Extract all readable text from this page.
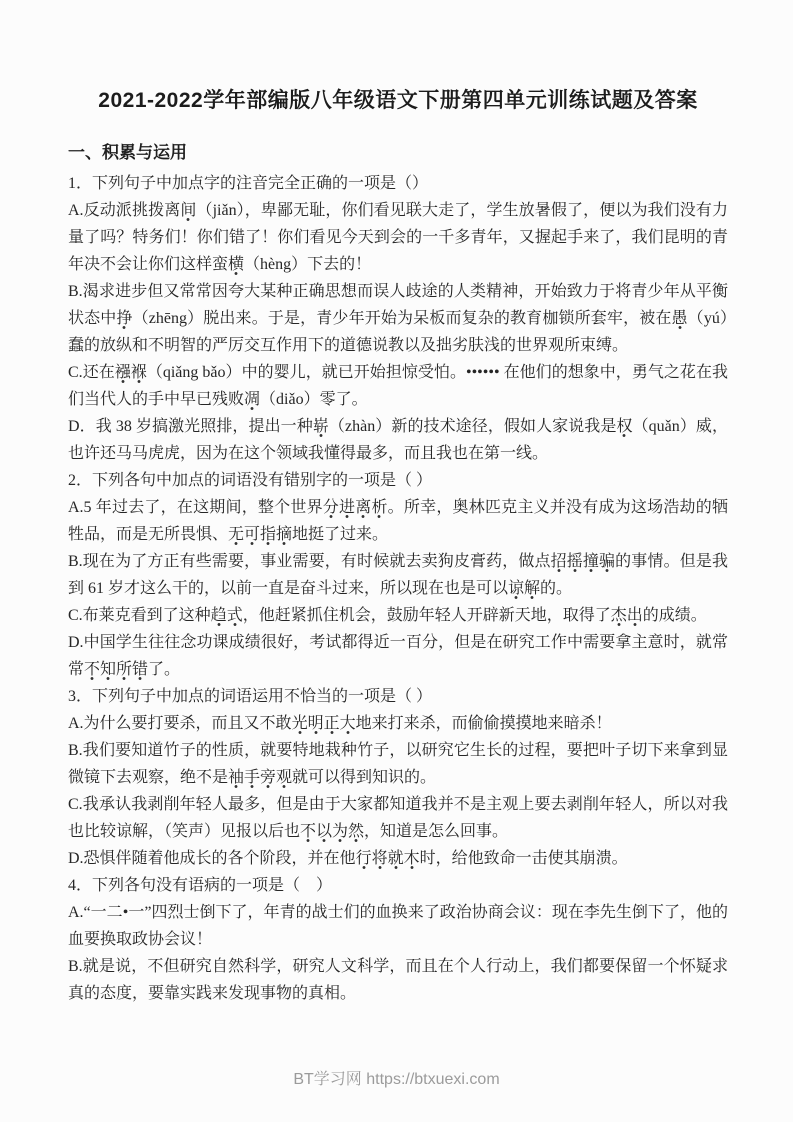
2021-2022学年部编版八年级语文下册第四单元训练试题及答案
一、积累与运用

1．下列句子中加点字的注音完全正确的一项是（）

A.反动派挑拨离间（jiǎn），卑鄙无耻，你们看见联大走了，学生放暑假了，便以为我们没有力量了吗？特务们！你们错了！你们看见今天到会的一千多青年，又握起手来了，我们昆明的青年决不会让你们这样蛮横（hèng）下去的！

B.渴求进步但又常常因夸大某种正确思想而误人歧途的人类精神，开始致力于将青少年从平衡状态中挣（zhēng）脱出来。于是，青少年开始为呆板而复杂的教育枷锁所套牢，被在愚（yú）蠢的放纵和不明智的严厉交互作用下的道德说教以及拙劣肤浅的世界观所束缚。

C.还在襁褓（qiǎng bǎo）中的婴儿，就已开始担惊受怕。•••••• 在他们的想象中，勇气之花在我们当代人的手中早已残败凋（diǎo）零了。

D．我 38 岁搞激光照排，提出一种崭（zhàn）新的技术途径，假如人家说我是权（quǎn）威，也许还马马虎虎，因为在这个领域我懂得最多，而且我也在第一线。

2．下列各句中加点的词语没有错别字的一项是（ ）

A.5 年过去了，在这期间，整个世界分进离析。所幸，奥林匹克主义并没有成为这场浩劫的牺牲品，而是无所畏惧、无可指摘地挺了过来。

B.现在为了方正有些需要，事业需要，有时候就去卖狗皮膏药，做点招摇撞骗的事情。但是我到 61 岁才这么干的，以前一直是奋斗过来，所以现在也是可以谅解的。

C.布莱克看到了这种趋式，他赶紧抓住机会，鼓励年轻人开辟新天地，取得了杰出的成绩。

D.中国学生往往念功课成绩很好，考试都得近一百分，但是在研究工作中需要拿主意时，就常常不知所错了。

3．下列句子中加点的词语运用不恰当的一项是（ ）

A.为什么要打要杀，而且又不敢光明正大地来打来杀，而偷偷摸摸地来暗杀！

B.我们要知道竹子的性质，就要特地栽种竹子，以研究它生长的过程，要把叶子切下来拿到显微镜下去观察，绝不是袖手旁观就可以得到知识的。

C.我承认我剥削年轻人最多，但是由于大家都知道我并不是主观上要去剥削年轻人，所以对我也比较谅解，（笑声）见报以后也不以为然，知道是怎么回事。

D.恐惧伴随着他成长的各个阶段，并在他行将就木时，给他致命一击使其崩溃。

4．下列各句没有语病的一项是（　）

A.“一二•一”四烈士倒下了，年青的战士们的血换来了政治协商会议：现在李先生倒下了，他的血要换取政协会议！

B.就是说，不但研究自然科学，研究人文科学，而且在个人行动上，我们都要保留一个怀疑求真的态度，要靠实践来发现事物的真相。

BT学习网 https://btxuexi.com
